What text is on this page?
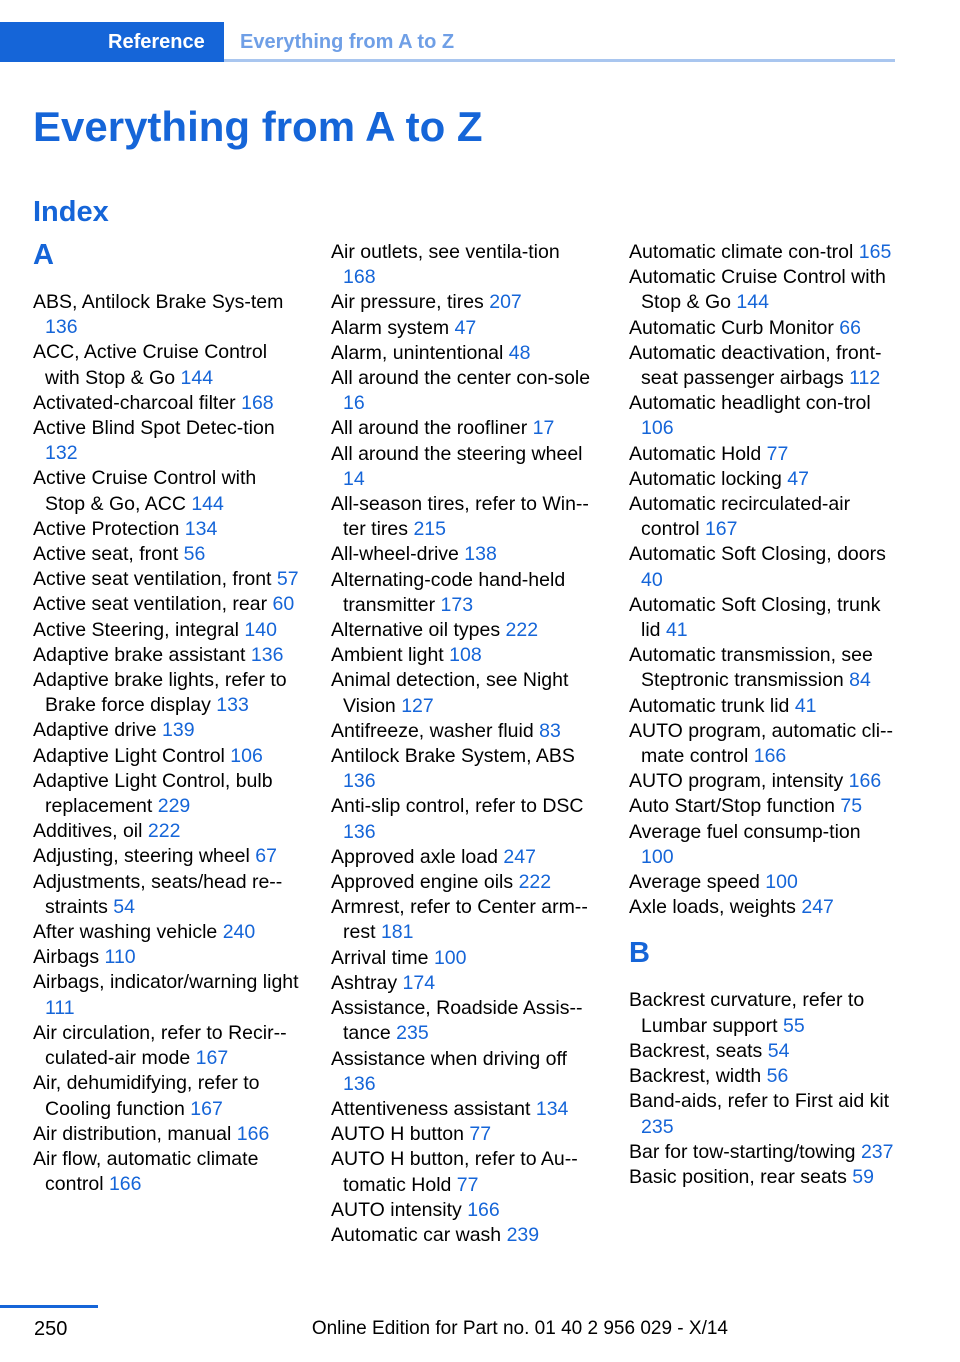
Reference	Everything from A to Z
Everything from A to Z
Index
A
ABS, Antilock Brake Sys-tem 136
ACC, Active Cruise Control with Stop & Go 144
Activated-charcoal filter 168
Active Blind Spot Detec-tion 132
Active Cruise Control with Stop & Go, ACC 144
Active Protection 134
Active seat, front 56
Active seat ventilation, front 57
Active seat ventilation, rear 60
Active Steering, integral 140
Adaptive brake assistant 136
Adaptive brake lights, refer to Brake force display 133
Adaptive drive 139
Adaptive Light Control 106
Adaptive Light Control, bulb replacement 229
Additives, oil 222
Adjusting, steering wheel 67
Adjustments, seats/head re-straints 54
After washing vehicle 240
Airbags 110
Airbags, indicator/warning light 111
Air circulation, refer to Recir-culated-air mode 167
Air, dehumidifying, refer to Cooling function 167
Air distribution, manual 166
Air flow, automatic climate control 166
Air outlets, see ventila-tion 168
Air pressure, tires 207
Alarm system 47
Alarm, unintentional 48
All around the center con-sole 16
All around the roofliner 17
All around the steering wheel 14
All-season tires, refer to Win-ter tires 215
All-wheel-drive 138
Alternating-code hand-held transmitter 173
Alternative oil types 222
Ambient light 108
Animal detection, see Night Vision 127
Antifreeze, washer fluid 83
Antilock Brake System, ABS 136
Anti-slip control, refer to DSC 136
Approved axle load 247
Approved engine oils 222
Armrest, refer to Center arm-rest 181
Arrival time 100
Ashtray 174
Assistance, Roadside Assis-tance 235
Assistance when driving off 136
Attentiveness assistant 134
AUTO H button 77
AUTO H button, refer to Au-tomatic Hold 77
AUTO intensity 166
Automatic car wash 239
Automatic climate con-trol 165
Automatic Cruise Control with Stop & Go 144
Automatic Curb Monitor 66
Automatic deactivation, front-seat passenger airbags 112
Automatic headlight con-trol 106
Automatic Hold 77
Automatic locking 47
Automatic recirculated-air control 167
Automatic Soft Closing, doors 40
Automatic Soft Closing, trunk lid 41
Automatic transmission, see Steptronic transmission 84
Automatic trunk lid 41
AUTO program, automatic cli-mate control 166
AUTO program, intensity 166
Auto Start/Stop function 75
Average fuel consump-tion 100
Average speed 100
Axle loads, weights 247
B
Backrest curvature, refer to Lumbar support 55
Backrest, seats 54
Backrest, width 56
Band-aids, refer to First aid kit 235
Bar for tow-starting/​towing 237
Basic position, rear seats 59
250	Online Edition for Part no. 01 40 2 956 029 - X/14
